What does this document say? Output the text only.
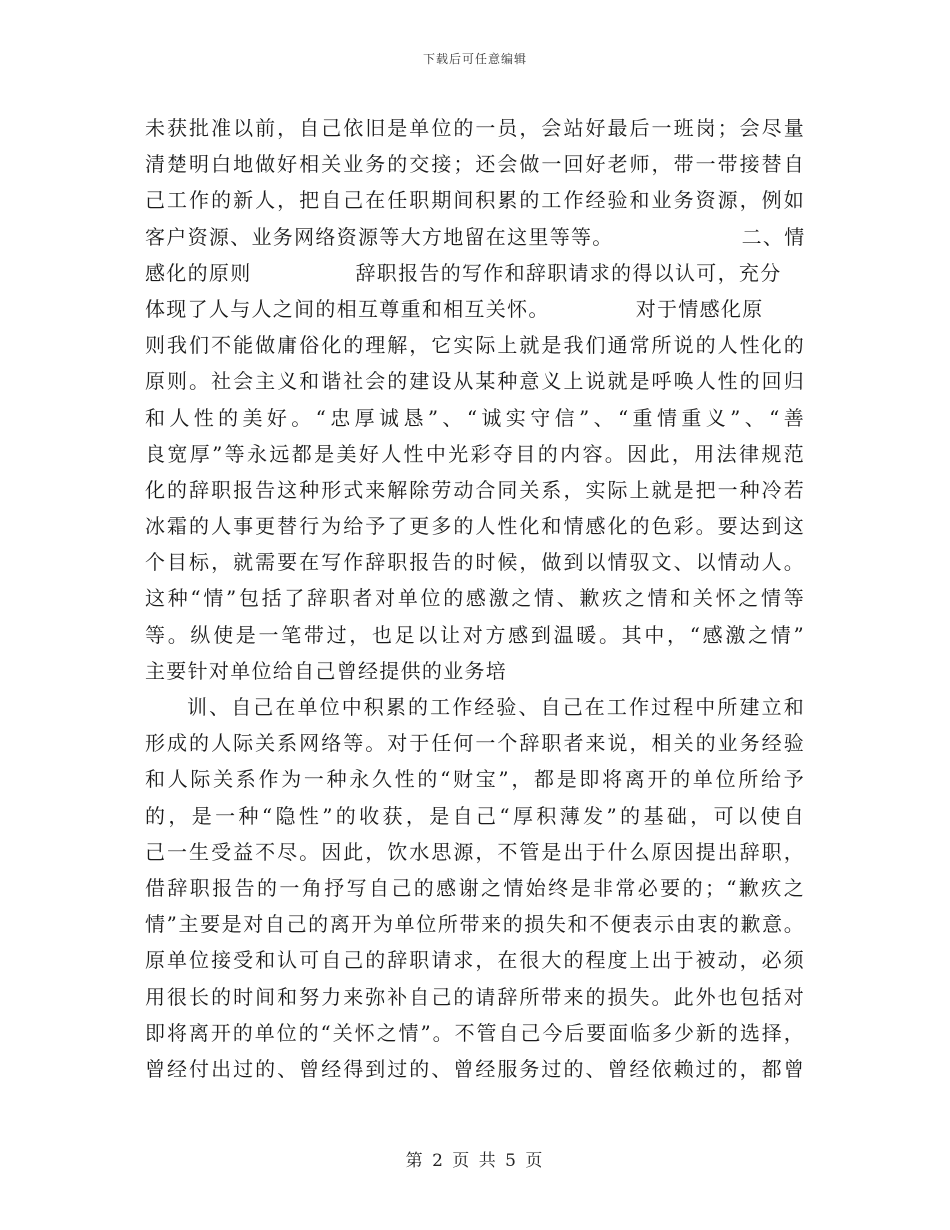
下载后可任意编辑
未获批准以前，自己依旧是单位的一员，会站好最后一班岗；会尽量
清楚明白地做好相关业务的交接；还会做一回好老师，带一带接替自
己工作的新人，把自己在任职期间积累的工作经验和业务资源，例如
客户资源、业务网络资源等大方地留在这里等等。	二、情
感化的原则	辞职报告的写作和辞职请求的得以认可，充分
体现了人与人之间的相互尊重和相互关怀。	对于情感化原
则我们不能做庸俗化的理解，它实际上就是我们通常所说的人性化的
原则。社会主义和谐社会的建设从某种意义上说就是呼唤人性的回归
和人性的美好。“忠厚诚恳”、“诚实守信”、“重情重义”、“善
良宽厚”等永远都是美好人性中光彩夺目的内容。因此，用法律规范
化的辞职报告这种形式来解除劳动合同关系，实际上就是把一种冷若
冰霜的人事更替行为给予了更多的人性化和情感化的色彩。要达到这
个目标，就需要在写作辞职报告的时候，做到以情驭文、以情动人。
这种“情”包括了辞职者对单位的感激之情、歉疚之情和关怀之情等
等。纵使是一笔带过，也足以让对方感到温暖。其中，“感激之情”
主要针对单位给自己曾经提供的业务培
训、自己在单位中积累的工作经验、自己在工作过程中所建立和
形成的人际关系网络等。对于任何一个辞职者来说，相关的业务经验
和人际关系作为一种永久性的“财宝”，都是即将离开的单位所给予
的，是一种“隐性”的收获，是自己“厚积薄发”的基础，可以使自
己一生受益不尽。因此，饮水思源，不管是出于什么原因提出辞职，
借辞职报告的一角抒写自己的感谢之情始终是非常必要的；“歉疚之
情”主要是对自己的离开为单位所带来的损失和不便表示由衷的歉意。
原单位接受和认可自己的辞职请求，在很大的程度上出于被动，必须
用很长的时间和努力来弥补自己的请辞所带来的损失。此外也包括对
即将离开的单位的“关怀之情”。不管自己今后要面临多少新的选择，
曾经付出过的、曾经得到过的、曾经服务过的、曾经依赖过的，都曾
第 2 页 共 5 页
